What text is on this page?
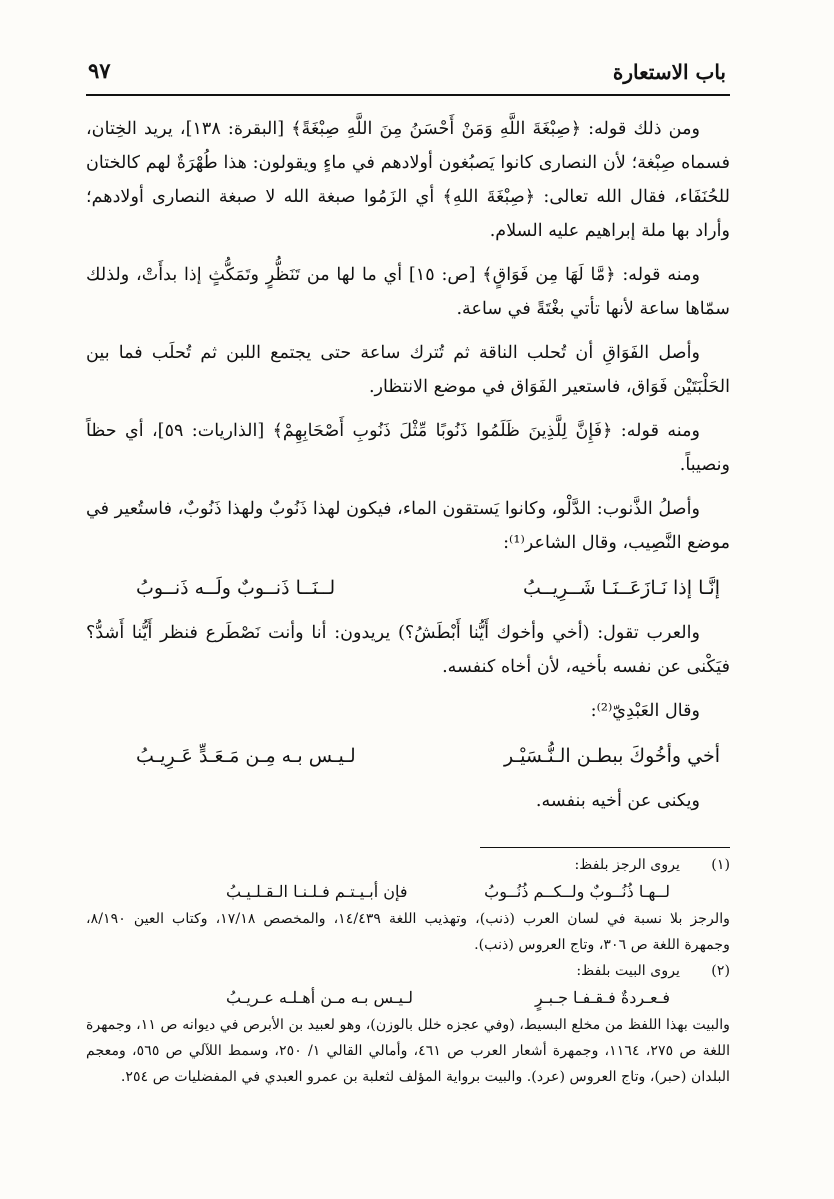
باب الاستعارة
٩٧

ومن ذلك قوله: ﴿صِبْغَةَ اللَّهِ وَمَنْ أَحْسَنُ مِنَ اللَّهِ صِبْغَةً﴾ [البقرة: ١٣٨]، يريد الخِتان، فسماه صِبْغة؛ لأن النصارى كانوا يَصبُغون أولادهم في ماءٍ ويقولون: هذا طُهْرَةٌ لهم كالختان للحُنَفَاء، فقال الله تعالى: ﴿صِبْغَةَ اللهِ﴾ أي الزَمُوا صبغة الله لا صبغة النصارى أولادهم؛ وأراد بها ملة إبراهيم عليه السلام.

ومنه قوله: ﴿مَّا لَهَا مِن فَوَاقٍ﴾ [ص: ١٥] أي ما لها من تَنَظُّرٍ وتَمَكُّثٍ إذا بدأَتْ، ولذلك سمّاها ساعة لأنها تأتي بغْتَةً في ساعة.

وأصل الفَوَاقِ أن تُحلب الناقة ثم تُترك ساعة حتى يجتمع اللبن ثم تُحلَب فما بين الحَلْبَتَيْن فَوَاق، فاستعير الفَوَاق في موضع الانتظار.

ومنه قوله: ﴿فَإِنَّ لِلَّذِينَ ظَلَمُوا ذَنُوبًا مِّثْلَ ذَنُوبِ أَصْحَابِهِمْ﴾ [الذاريات: ٥٩]، أي حظاً ونصيباً.

وأصلُ الذَّنوب: الدَّلْو، وكانوا يَستقون الماء، فيكون لهذا ذَنُوبٌ ولهذا ذَنُوبٌ، فاستُعير في موضع النَّصِيب، وقال الشاعر⁽¹⁾:

إنَّـا إذا نَـازَعَــنَـا شَــرِيــبُ
لــنَــا ذَنــوبٌ ولَــه ذَنــوبُ

والعرب تقول: (أخي وأخوك أَيُّنا أَبْطَشُ؟) يريدون: أنا وأنت نَصْطَرع فنظر أَيُّنا أَشدُّ؟ فيَكْنى عن نفسه بأخيه، لأن أخاه كنفسه.

وقال العَبْدِيّ⁽²⁾:

أخي وأخُوكَ ببطـن الـنُّـسَيْـر
لـيـس بـه مِـن مَـعَـدٍّ عَـرِيـبُ

ويكنى عن أخيه بنفسه.

(١)
يروى الرجز بلفظ:
لــهـا ذُنُــوبٌ ولــكــم ذُنُــوبُ
فإن أبـيـتـم فـلـنـا الـقـلـيـبُ

والرجز بلا نسبة في لسان العرب (ذنب)، وتهذيب اللغة ١٤/٤٣٩، والمخصص ١٧/١٨، وكتاب العين ٨/١٩٠، وجمهرة اللغة ص ٣٠٦، وتاج العروس (ذنب).

(٢)
يروى البيت بلفظ:
فـعـردةٌ فـقـفـا جـبـرٍ
لـيـس بـه مـن أهـلـه عـريـبُ

والبيت بهذا اللفظ من مخلع البسيط، (وفي عجزه خلل بالوزن)، وهو لعبيد بن الأبرص في ديوانه ص ١١، وجمهرة اللغة ص ٢٧٥، ١١٦٤، وجمهرة أشعار العرب ص ٤٦١، وأمالي القالي ١/ ٢٥٠، وسمط اللآلي ص ٥٦٥، ومعجم البلدان (حبر)، وتاج العروس (عرد). والبيت برواية المؤلف لثعلبة بن عمرو العبدي في المفضليات ص ٢٥٤.
